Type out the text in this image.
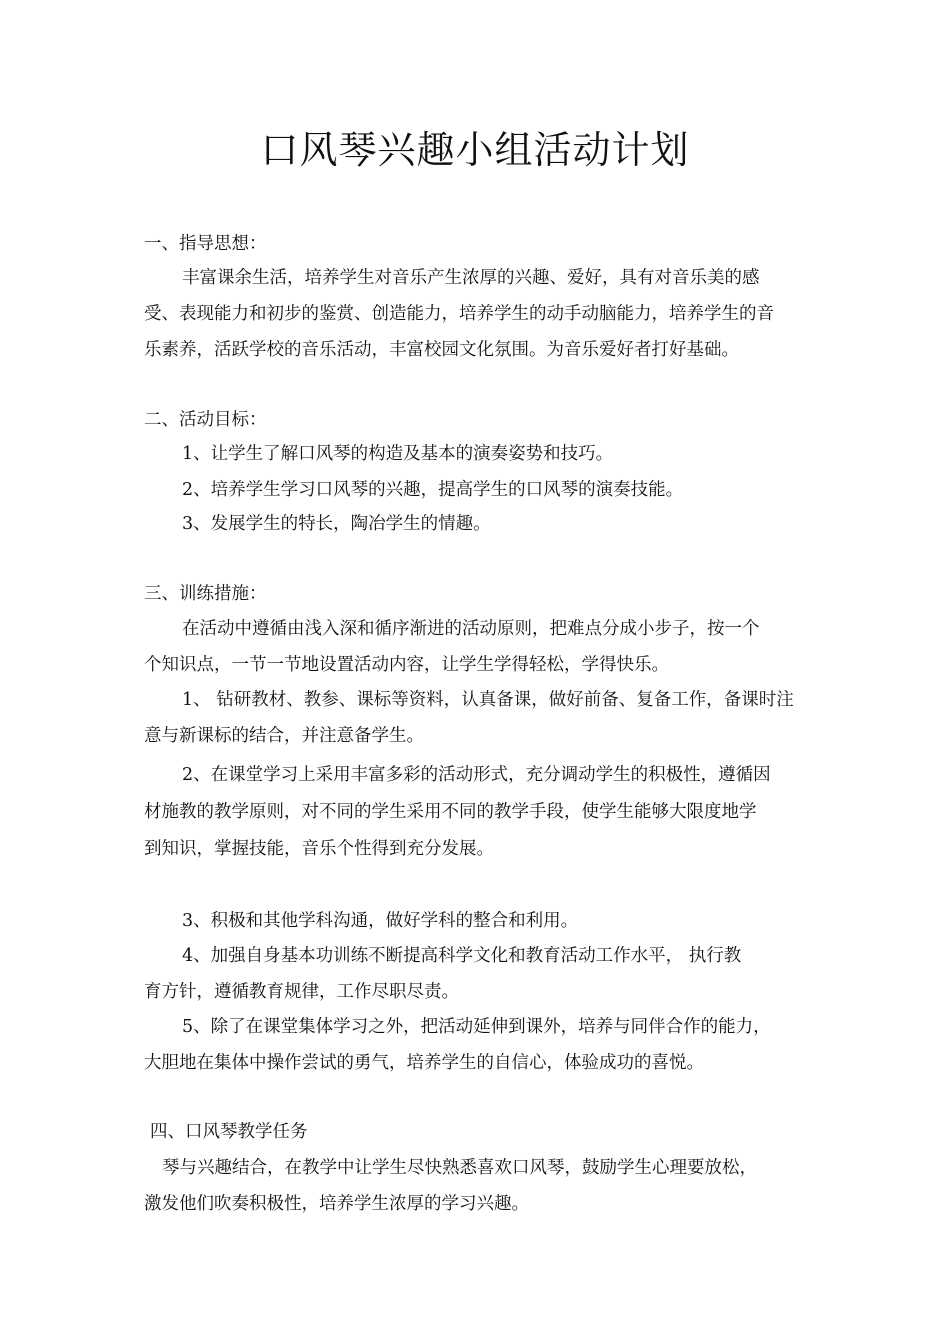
口风琴兴趣小组活动计划

一、指导思想：

丰富课余生活，培养学生对音乐产生浓厚的兴趣、爱好，具有对音乐美的感

受、表现能力和初步的鉴赏、创造能力，培养学生的动手动脑能力，培养学生的音

乐素养，活跃学校的音乐活动，丰富校园文化氛围。为音乐爱好者打好基础。

二、活动目标：

1、让学生了解口风琴的构造及基本的演奏姿势和技巧。

2、培养学生学习口风琴的兴趣，提高学生的口风琴的演奏技能。

3、发展学生的特长，陶冶学生的情趣。

三、训练措施：

在活动中遵循由浅入深和循序渐进的活动原则，把难点分成小步子，按一个

个知识点，一节一节地设置活动内容，让学生学得轻松，学得快乐。

1、 钻研教材、教参、课标等资料，认真备课，做好前备、复备工作，备课时注

意与新课标的结合，并注意备学生。

2、在课堂学习上采用丰富多彩的活动形式，充分调动学生的积极性，遵循因

材施教的教学原则，对不同的学生采用不同的教学手段，使学生能够大限度地学

到知识，掌握技能，音乐个性得到充分发展。

3、积极和其他学科沟通，做好学科的整合和利用。

4、加强自身基本功训练不断提高科学文化和教育活动工作水平， 执行教

育方针，遵循教育规律，工作尽职尽责。

5、除了在课堂集体学习之外，把活动延伸到课外，培养与同伴合作的能力，

大胆地在集体中操作尝试的勇气，培养学生的自信心，体验成功的喜悦。

四、口风琴教学任务

琴与兴趣结合，在教学中让学生尽快熟悉喜欢口风琴，鼓励学生心理要放松，

激发他们吹奏积极性，培养学生浓厚的学习兴趣。
